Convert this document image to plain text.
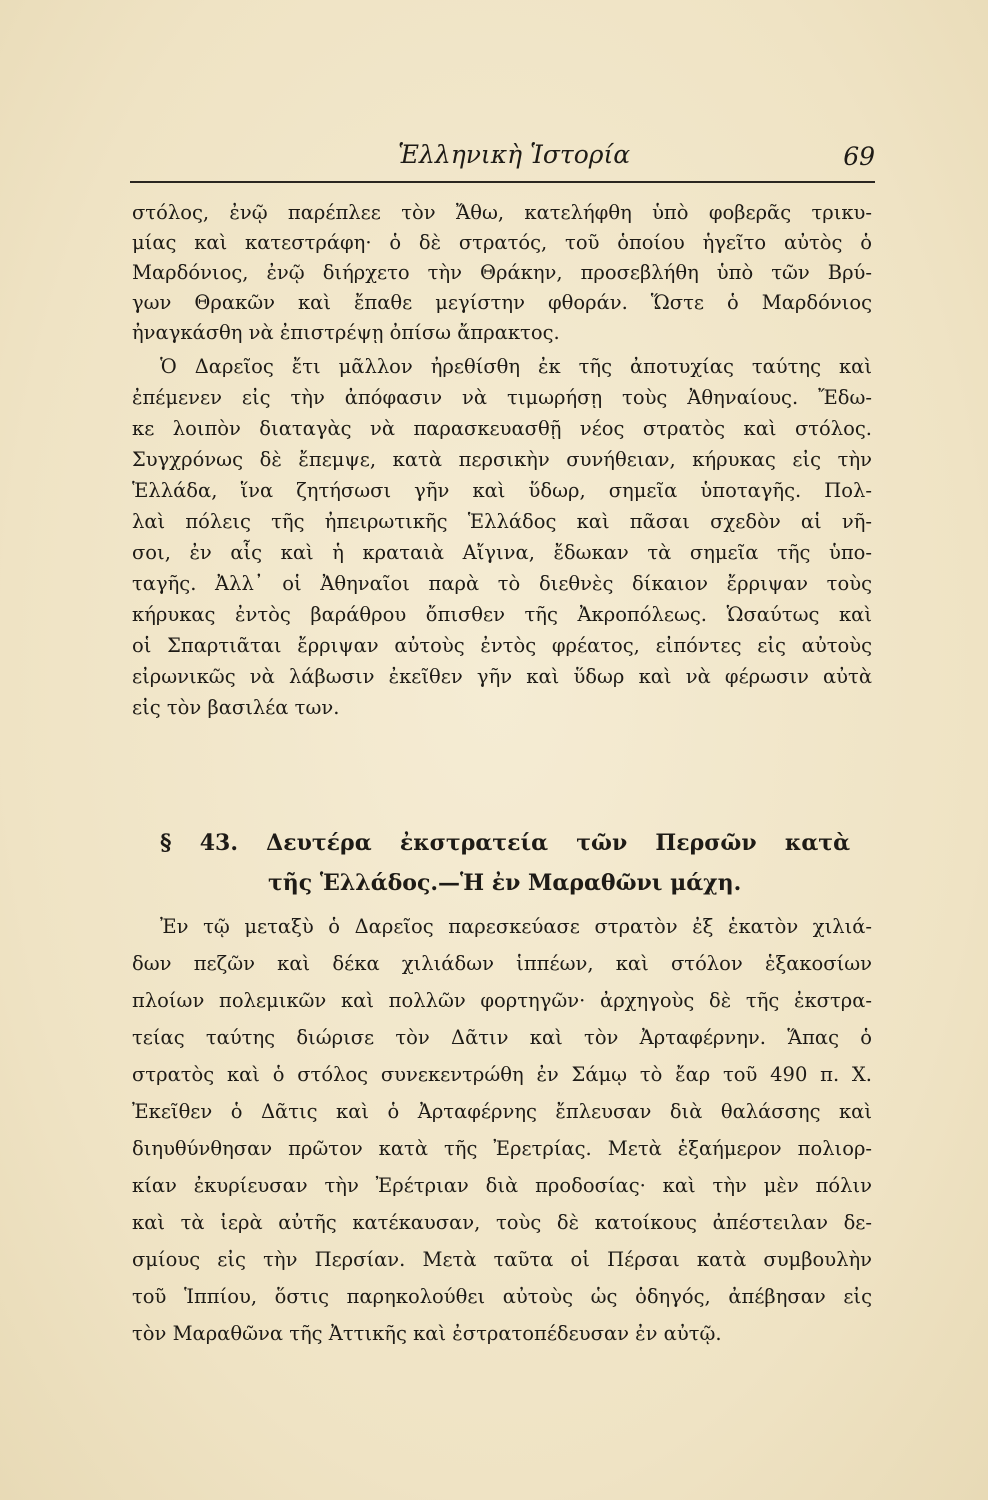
Ἑλληνικὴ Ἱστορία	69
στόλος, ἐνῷ παρέπλεε τὸν Ἄθω, κατελήφθη ὑπὸ φοβερᾶς τρικυ-
μίας καὶ κατεστράφη· ὁ δὲ στρατός, τοῦ ὁποίου ἡγεῖτο αὐτὸς ὁ
Μαρδόνιος, ἐνῷ διήρχετο τὴν Θράκην, προσεβλήθη ὑπὸ τῶν Βρύ-
γων Θρακῶν καὶ ἔπαθε μεγίστην φθοράν. Ὥστε ὁ Μαρδόνιος
ἠναγκάσθη νὰ ἐπιστρέψῃ ὀπίσω ἄπρακτος.
Ὁ Δαρεῖος ἔτι μᾶλλον ἠρεθίσθη ἐκ τῆς ἀποτυχίας ταύτης καὶ
ἐπέμενεν εἰς τὴν ἀπόφασιν νὰ τιμωρήσῃ τοὺς Ἀθηναίους. Ἔδω-
κε λοιπὸν διαταγὰς νὰ παρασκευασθῇ νέος στρατὸς καὶ στόλος.
Συγχρόνως δὲ ἔπεμψε, κατὰ περσικὴν συνήθειαν, κήρυκας εἰς τὴν
Ἑλλάδα, ἵνα ζητήσωσι γῆν καὶ ὕδωρ, σημεῖα ὑποταγῆς. Πολ-
λαὶ πόλεις τῆς ἠπειρωτικῆς Ἑλλάδος καὶ πᾶσαι σχεδὸν αἱ νῆ-
σοι, ἐν αἷς καὶ ἡ κραταιὰ Αἴγινα, ἔδωκαν τὰ σημεῖα τῆς ὑπο-
ταγῆς. Ἀλλ᾽ οἱ Ἀθηναῖοι παρὰ τὸ διεθνὲς δίκαιον ἔρριψαν τοὺς
κήρυκας ἐντὸς βαράθρου ὄπισθεν τῆς Ἀκροπόλεως. Ὡσαύτως καὶ
οἱ Σπαρτιᾶται ἔρριψαν αὐτοὺς ἐντὸς φρέατος, εἰπόντες εἰς αὐτοὺς
εἰρωνικῶς νὰ λάβωσιν ἐκεῖθεν γῆν καὶ ὕδωρ καὶ νὰ φέρωσιν αὐτὰ
εἰς τὸν βασιλέα των.
§ 43. Δευτέρα ἐκστρατεία τῶν Περσῶν κατὰ
τῆς Ἑλλάδος.—Ἡ ἐν Μαραθῶνι μάχη.
Ἐν τῷ μεταξὺ ὁ Δαρεῖος παρεσκεύασε στρατὸν ἐξ ἑκατὸν χιλιά-
δων πεζῶν καὶ δέκα χιλιάδων ἱππέων, καὶ στόλον ἑξακοσίων
πλοίων πολεμικῶν καὶ πολλῶν φορτηγῶν· ἀρχηγοὺς δὲ τῆς ἐκστρα-
τείας ταύτης διώρισε τὸν Δᾶτιν καὶ τὸν Ἀρταφέρνην. Ἅπας ὁ
στρατὸς καὶ ὁ στόλος συνεκεντρώθη ἐν Σάμῳ τὸ ἔαρ τοῦ 490 π. Χ.
Ἐκεῖθεν ὁ Δᾶτις καὶ ὁ Ἀρταφέρνης ἔπλευσαν διὰ θαλάσσης καὶ
διηυθύνθησαν πρῶτον κατὰ τῆς Ἐρετρίας. Μετὰ ἑξαήμερον πολιορ-
κίαν ἐκυρίευσαν τὴν Ἐρέτριαν διὰ προδοσίας· καὶ τὴν μὲν πόλιν
καὶ τὰ ἱερὰ αὐτῆς κατέκαυσαν, τοὺς δὲ κατοίκους ἀπέστειλαν δε-
σμίους εἰς τὴν Περσίαν. Μετὰ ταῦτα οἱ Πέρσαι κατὰ συμβουλὴν
τοῦ Ἱππίου, ὅστις παρηκολούθει αὐτοὺς ὡς ὁδηγός, ἀπέβησαν εἰς
τὸν Μαραθῶνα τῆς Ἀττικῆς καὶ ἐστρατοπέδευσαν ἐν αὐτῷ.
